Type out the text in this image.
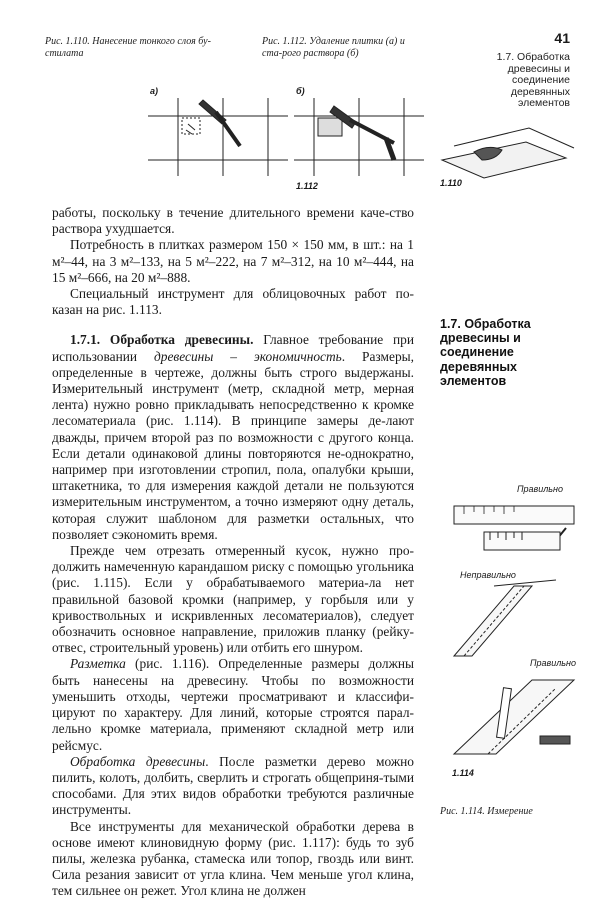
Рис. 1.110. Нанесение тонкого слоя бу-стилата
Рис. 1.112. Удаление плитки (а) и ста-рого раствора (б)
41
1.7. Обработка древесины и соединение деревянных элементов
а)	б)
1.112	1.110

работы, поскольку в течение длительного времени каче-ство раствора ухудшается.

Потребность в плитках размером 150 × 150 мм, в шт.: на 1 м²–44, на 3 м²–133, на 5 м²–222, на 7 м²–312, на 10 м²–444, на 15 м²–666, на 20 м²–888.

Специальный инструмент для облицовочных работ по-казан на рис. 1.113.

1.7.1. Обработка древесины. Главное требование при использовании древесины – экономичность. Размеры, определенные в чертеже, должны быть строго выдержаны. Измерительный инструмент (метр, складной метр, мерная лента) нужно ровно прикладывать непосредственно к кромке лесоматериала (рис. 1.114). В принципе замеры де-лают дважды, причем второй раз по возможности с другого конца. Если детали одинаковой длины повторяются не-однократно, например при изготовлении стропил, пола, опалубки крыши, штакетника, то для измерения каждой детали не пользуются измерительным инструментом, а точно измеряют одну деталь, которая служит шаблоном для разметки остальных, что позволяет сэкономить время.

Прежде чем отрезать отмеренный кусок, нужно про-должить намеченную карандашом риску с помощью угольника (рис. 1.115). Если у обрабатываемого материа-ла нет правильной базовой кромки (например, у горбыля или у кривоствольных и искривленных лесоматериалов), следует обозначить основное направление, приложив планку (рейку-отвес, строительный уровень) или отбить его шнуром.

Разметка (рис. 1.116). Определенные размеры должны быть нанесены на древесину. Чтобы по возможности уменьшить отходы, чертежи просматривают и классифи-цируют по характеру. Для линий, которые строятся парал-лельно кромке материала, применяют складной метр или рейсмус.

Обработка древесины. После разметки дерево можно пилить, колоть, долбить, сверлить и строгать общеприня-тыми способами. Для этих видов обработки требуются различные инструменты.

Все инструменты для механической обработки дерева в основе имеют клиновидную форму (рис. 1.117): будь то зуб пилы, железка рубанка, стамеска или топор, гвоздь или винт. Сила резания зависит от угла клина. Чем меньше угол клина, тем сильнее он режет. Угол клина не должен

1.7. Обработка древесины и соединение деревянных элементов
Правильно
Неправильно
Правильно
1.114
Рис. 1.114. Измерение
